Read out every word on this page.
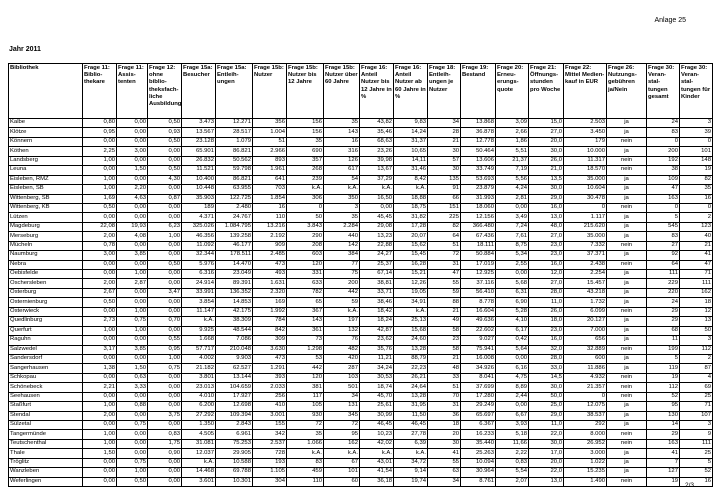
Anlage 25
Jahr 2011
Bibliothek	Frage 11: Biblio-thekare	Frage 11: Assis-tenten	Frage 12: ohne biblio-theksfach-liche Ausbildung	Frage 15a: Besucher	Frage 15a: Entleih-ungen	Frage 15b: Nutzer	Frage 15b: Nutzer bis 12 Jahre	Frage 15b: Nutzer über 60 Jahre	Frage 16: Anteil Nutzer bis 12 Jahre in %	Frage 16: Anteil Nutzer ab 60 Jahre in %	Frage 18: Entleih-ungen je Nutzer	Frage 19: Bestand	Frage 20: Erneu-erungs-quote	Frage 21: Öffnungs-stunden pro Woche	Frage 22: Mittel Medien-kauf in EUR	Frage 26: Nutzungs-gebühren ja/Nein	Frage 30: Veran-stal-tungen gesamt	Frage 30: Veran-stal-tungen für Kinder
Kalbe	0,80	0,00	0,50	3.473	12.271	356	156	35	43,82	9,83	34	13.868	3,09	15,0	2.503	ja	24	3
Klötze	0,95	0,00	0,93	13.567	28.517	1.004	156	143	35,46	14,24	28	36.878	2,66	27,0	3.450	ja	83	39
Könnern	0,00	0,00	0,50	23.128	1.079	51	35	16	68,63	31,37	21	12.778	1,86	20,0	179	nein	0	0
Köthen	2,25	3,00	0,00	65.901	86.821	2.966	690	316	23,26	10,65	30	50.464	5,51	30,0	10.000	ja	200	101
Landsberg	1,00	0,00	0,00	26.832	50.562	893	357	126	39,98	14,11	57	13.606	21,37	26,0	11.317	nein	192	148
Leuna	0,00	1,50	0,50	11.521	59.798	1.961	268	617	13,67	31,46	30	33.749	7,19	21,0	18.570	nein	38	19
Eisleben, RMZ	1,00	0,00	4,30	10.400	86.821	641	239	54	37,29	8,42	135	53.693	5,56	13,5	35.000	ja	109	82
Eisleben, SB	1,00	2,20	0,00	10.448	63.955	703	k.A.	k.A.	k.A.	k.A.	91	23.879	4,24	30,0	10.604	ja	47	35
Wittenberg, SB	1,69	4,63	0,87	35.903	122.725	1.854	306	350	16,50	18,88	66	31.993	2,81	29,0	30.478	ja	163	16
Wittenberg, KB	0,50	0,00	0,00	189	2.480	16	0	3	0,00	18,75	151	18.060	0,00	16,0	0	nein	0	0
Lützen	0,00	0,00	0,00	4.371	24.767	110	50	35	45,45	31,82	225	12.156	3,49	13,0	1.117	ja	5	2
Magdeburg	22,08	19,93	6,23	325.026	1.084.795	13.216	3.843	2.284	29,08	17,28	82	366.480	7,24	48,0	215.620	ja	545	123
Merseburg	2,00	4,08	1,00	46.356	139.258	2.192	290	440	13,23	20,07	64	67.436	7,61	27,0	35.000	ja	83	40
Mücheln	0,78	0,00	0,00	11.092	46.177	909	208	142	22,88	15,62	51	18.111	8,75	23,0	7.332	nein	27	21
Naumburg	3,00	3,85	0,00	32.344	178.511	2.485	603	384	24,27	15,45	72	50.884	5,34	23,0	37.371	ja	92	41
Nebra	0,00	0,00	0,50	5.976	14.470	473	120	77	25,37	16,28	31	17.019	2,55	16,0	2.438	nein	64	47
Oebisfelde	0,00	1,00	0,00	6.316	23.049	493	331	75	67,14	15,21	47	12.925	0,00	12,0	2.254	ja	111	71
Oschersleben	2,00	2,87	0,00	24.914	89.391	1.631	633	200	38,81	12,26	55	37.116	5,68	27,0	15.457	ja	229	111
Osterburg	2,67	0,00	3,47	33.991	136.352	2.320	782	442	33,71	19,05	59	56.410	6,31	28,0	43.218	ja	220	162
Osternienburg	0,50	0,00	0,00	3.854	14.853	169	65	59	38,46	34,91	88	8.778	6,90	11,0	1.732	ja	24	18
Osterwieck	0,00	1,00	0,00	11.147	42.175	1.992	367	k.A.	18,42	k.A.	21	16.604	5,28	26,0	6.099	nein	29	12
Quedlinburg	2,73	0,75	0,70	k.A.	38.309	784	143	197	18,24	25,13	49	49.636	4,10	18,0	20.127	ja	29	13
Querfurt	1,00	1,00	0,00	9.925	48.544	842	361	132	42,87	15,68	58	22.602	6,17	23,0	7.000	ja	68	50
Raguhn	0,00	0,00	0,55	1.668	7.086	309	73	76	23,62	24,60	23	9.027	0,42	16,0	656	ja	11	3
Salzwedel	3,17	3,85	0,95	57.717	210.048	3.630	1.298	482	35,76	13,28	58	75.941	5,64	32,0	32.889	nein	199	112
Sandersdorf	0,00	0,00	1,00	4.002	9.903	473	53	420	11,21	88,79	21	16.008	0,00	28,0	600	ja	5	2
Sangerhausen	1,38	1,50	0,75	21.182	62.527	1.291	442	287	34,24	22,23	48	34.926	6,16	33,0	11.886	ja	119	87
Schkopau	0,00	0,63	0,00	3.801	13.144	393	120	103	30,53	26,21	33	8.041	4,75	14,5	4.932	nein	19	4
Schönebeck	2,21	3,33	0,00	23.013	104.659	2.033	381	501	18,74	24,64	51	37.699	8,89	30,0	21.357	nein	112	69
Seehausen	0,00	0,00	0,00	4.010	17.927	256	117	34	45,70	13,28	70	17.280	2,44	50,0	0	nein	52	25
Staßfurt	1,00	0,88	0,00	6.200	12.698	410	105	131	25,61	31,95	31	29.249	0,00	25,0	12.075	ja	95	71
Stendal	2,00	0,00	3,75	27.292	109.394	3.001	930	345	30,99	11,50	36	65.697	6,67	29,0	38.537	ja	130	107
Sülzetal	0,00	0,75	0,00	1.350	2.843	155	72	72	46,45	46,45	18	6.367	3,93	11,0	292	ja	14	3
Tangermünde	1,00	0,00	0,83	4.505	6.961	342	35	95	10,23	27,78	20	16.233	5,18	22,0	8.000	nein	29	9
Teutschenthal	1,00	0,00	1,75	31.081	75.253	2.537	1.066	162	42,02	6,39	30	35.440	11,66	30,0	26.952	nein	163	111
Thale	1,50	0,00	0,90	12.037	29.905	728	k.A.	k.A.	k.A.	k.A.	41	25.263	2,22	17,0	3.000	ja	41	25
Tröglitz	0,00	0,75	0,00	k.A.	10.588	193	83	67	43,01	34,72	55	10.094	0,83	20,0	1.022	ja	7	5
Wanzleben	0,00	1,00	0,00	14.468	69.788	1.105	459	101	41,54	9,14	63	30.964	5,54	22,0	15.235	ja	127	52
Weferlingen	0,00	0,50	0,00	3.601	10.301	304	110	60	36,18	19,74	34	8.761	2,07	13,0	1.490	nein	19	16
2/3
